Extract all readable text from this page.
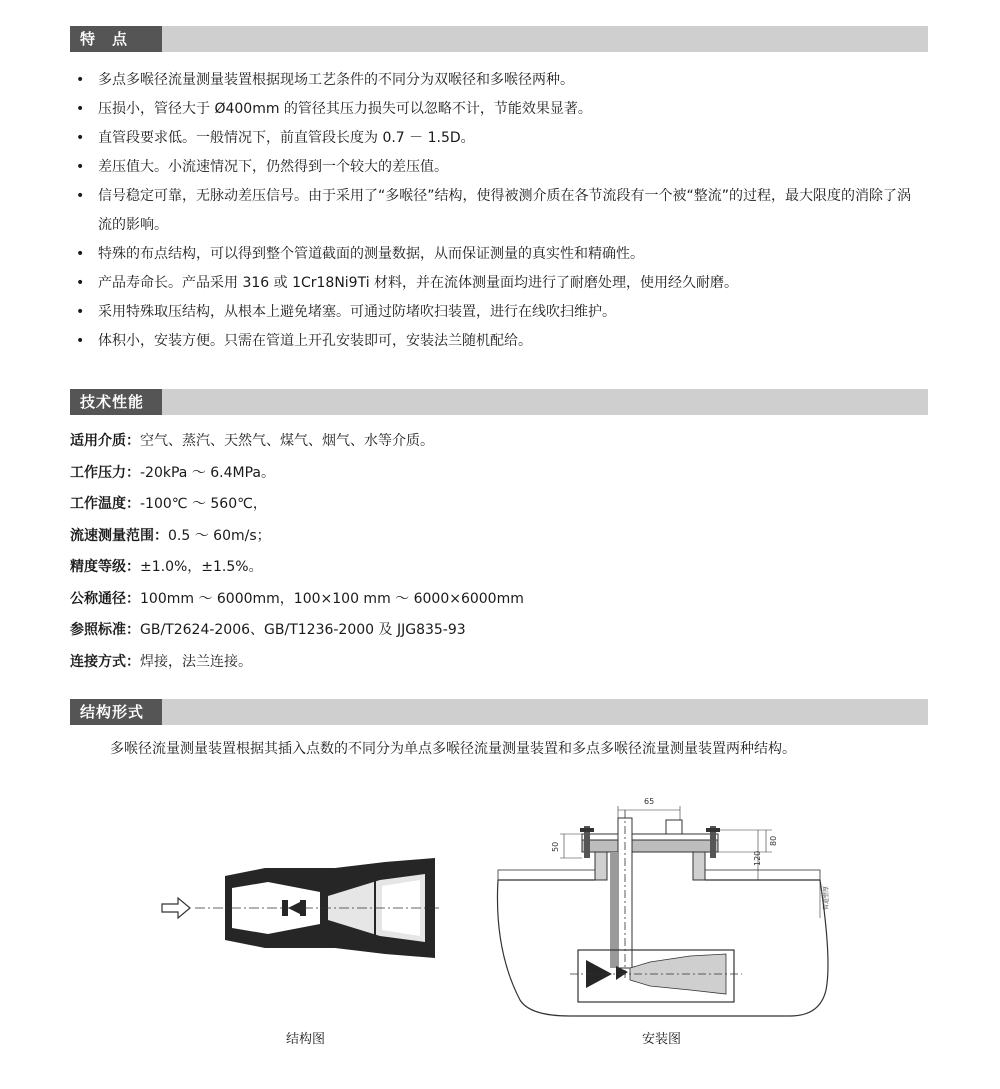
特　点
• 多点多喉径流量测量装置根据现场工艺条件的不同分为双喉径和多喉径两种。
• 压损小，管径大于 Ø400mm 的管径其压力损失可以忽略不计，节能效果显著。
• 直管段要求低。一般情况下，前直管段长度为 0.7 － 1.5D。
• 差压值大。小流速情况下，仍然得到一个较大的差压值。
• 信号稳定可靠，无脉动差压信号。由于采用了“多喉径”结构，使得被测介质在各节流段有一个被“整流”的过程，最大限度的消除了涡流的影响。
• 特殊的布点结构，可以得到整个管道截面的测量数据，从而保证测量的真实性和精确性。
• 产品寿命长。产品采用 316 或 1Cr18Ni9Ti 材料，并在流体测量面均进行了耐磨处理，使用经久耐磨。
• 采用特殊取压结构，从根本上避免堵塞。可通过防堵吹扫装置，进行在线吹扫维护。
• 体积小，安装方便。只需在管道上开孔安装即可，安装法兰随机配给。
技术性能
适用介质：空气、蒸汽、天然气、煤气、烟气、水等介质。
工作压力：-20kPa ～ 6.4MPa。
工作温度：-100℃ ～ 560℃，
流速测量范围：0.5 ～ 60m/s；
精度等级：±1.0%，±1.5%。
公称通径：100mm ～ 6000mm，100×100 mm ～ 6000×6000mm
参照标准：GB/T2624-2006、GB/T1236-2000 及 JJG835-93
连接方式：焊接，法兰连接。
结构形式
多喉径流量测量装置根据其插入点数的不同分为单点多喉径流量测量装置和多点多喉径流量测量装置两种结构。
结构图
65
50
80
120
管道壁厚
安装图
